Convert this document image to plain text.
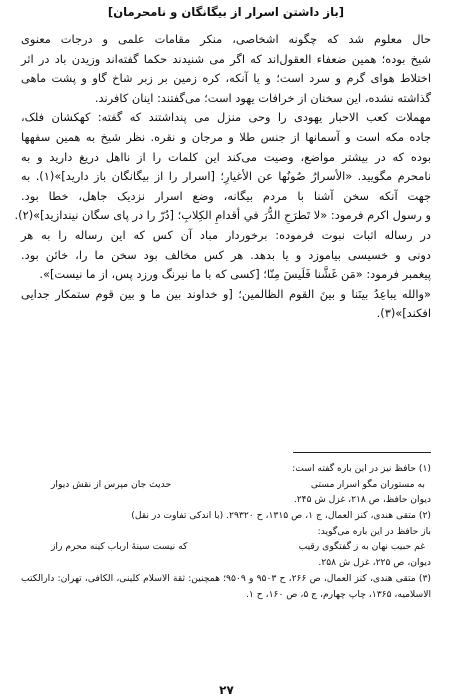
[باز داشتن اسرار از بيگانگان و نامحرمان]
حال معلوم شد كه چگونه اشخاصى، منكر مقامات علمى و درجات معنوى
شيخ بوده؛ همين ضعفاء العقول‌اند كه اگر مى شنيدند حكما گفته‌اند وزيدن باد در اثر
اختلاط هواى گرم و سرد است؛ و يا آنكه، كره زمين بر زبر شاخ گاو و پشت ماهى
گذاشته نشده، اين سخنان از خرافات يهود است؛ مى‌گفتند: اينان كافرند.
مهملات كعب الاحبار يهودى را وحى منزل مى پنداشتند كه گفته: كهكشان فلک،
جاده مكه است و آسمانها از جنس طلا و مرجان و نقره. نظر شيخ به همين سفهها
بوده كه در بيشتر مواضع، وصيت مى‌كند اين كلمات را از نااهل دريغ داريد و به
نامحرم مگوييد. «الأسرارُ صُونُها عن الأغيارِ؛ [اسرار را از بيگانگان باز داريد]»(۱). به
جهت آنكه سخن آشنا با مردم بيگانه، وضع اسرار نزديک جاهل، خطا بود.
و رسول اكرم فرمود: «لا تَطرَحِ الدُّرَ في أقدامِ الكِلابِ؛ [دُرّ را در پاى سگان نيندازيد]»(۲).
در رساله اثبات نبوت فرموده: برخوردار مباد آن كس كه اين رساله را به هر
دونى و خسيسى بياموزد و يا بدهد. هر كس مخالف بود سخن ما را، خائن بود.
پيغمبر فرمود: «مَن غَشَّنا فَلَيسَ مِنّا؛ [كسى كه با ما نيرنگ ورزد پس، از ما نيست]».
«والله يباعِدُ بينَنا و بينَ القوم الظالمين؛ [و خداوند بين ما و بين قوم ستمكار جدايى
افكند]»(۳).
(۱) حافظ نيز در اين باره گفته است:
به مستوران مگو اسرار مستى
حديث جان مپرس از نقش ديوار
ديوان حافظ، ص ۲۱۸، غزل ش ۲۴۵.
(۲) متقى هندى، كنز العمال، ج ۱، ص ۱۳۱۵، ح ۲۹۳۲۰. (با اندكى تفاوت در نقل)
باز حافظ در اين باره مى‌گويد:
غم حبيب نهان به ز گفتگوى رقيب
كه نيست سينهٔ ارباب كينه محرم راز
ديوان، ص ۲۲۵، غزل ش ۲۵۸.
(۳) متقى هندى، كنز العمال، ص ۲۶۶، ح ۹۵۰۳ و ۹۵۰۹؛ همچنين: ثقة الاسلام كلينى، الكافى، تهران: دارالكتب
الاسلاميه، ۱۳۶۵، چاپ چهارم، ج ۵، ص ۱۶۰، ح ۱.
۲۷
